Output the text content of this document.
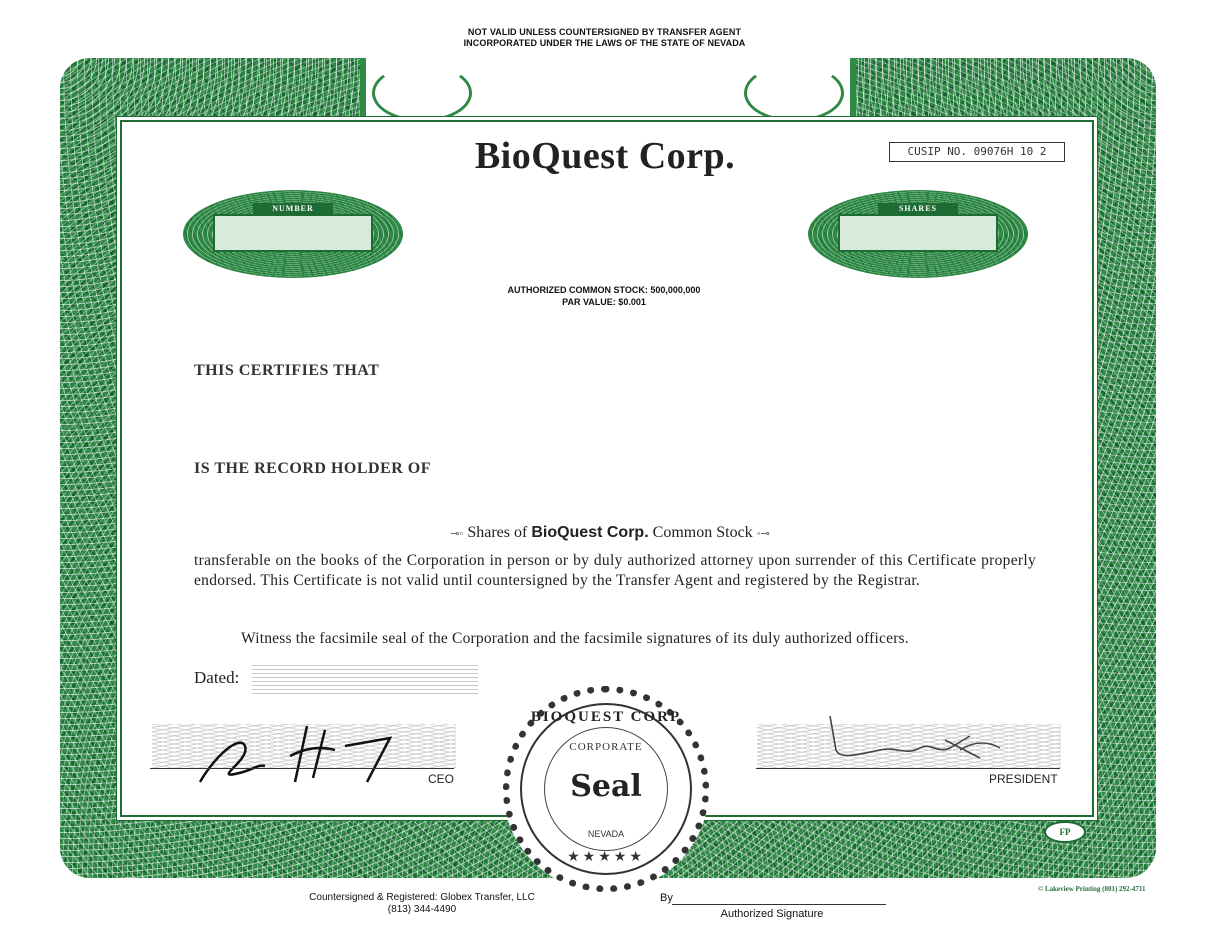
NOT VALID UNLESS COUNTERSIGNED BY TRANSFER AGENT
INCORPORATED UNDER THE LAWS OF THE STATE OF NEVADA
BioQuest Corp.	CUSIP NO. 09076H 10 2
NUMBER	SHARES
AUTHORIZED COMMON STOCK: 500,000,000
PAR VALUE: $0.001
THIS CERTIFIES THAT
IS THE RECORD HOLDER OF
⊸◦ Shares of BioQuest Corp. Common Stock ◦⊸
transferable on the books of the Corporation in person or by duly authorized attorney upon surrender of this Certificate properly endorsed. This Certificate is not valid until countersigned by the Transfer Agent and registered by the Registrar.
Witness the facsimile seal of the Corporation and the facsimile signatures of its duly authorized officers.
Dated:
CEO	PRESIDENT
BIOQUEST CORP
CORPORATE
Seal
NEVADA
★★★★★
FP
© Lakeview Printing (801) 292-4711
Countersigned & Registered: Globex Transfer, LLC
(813) 344-4490
By
Authorized Signature
